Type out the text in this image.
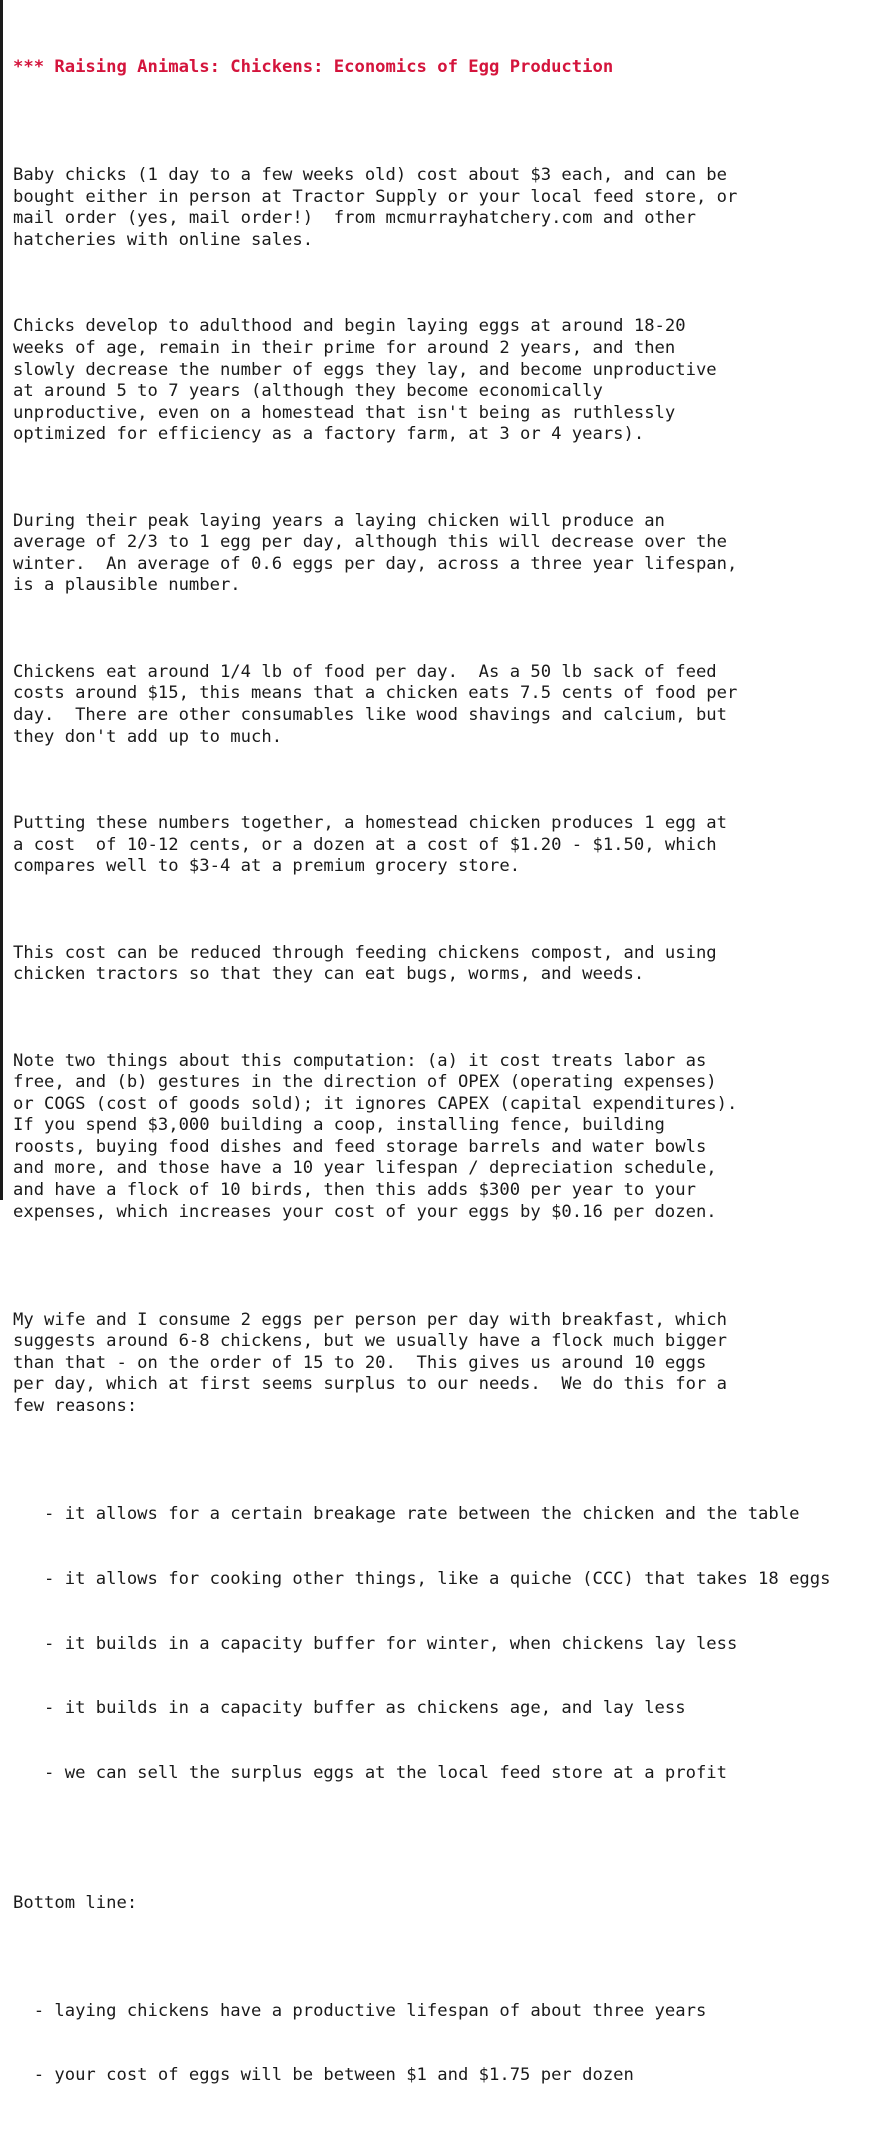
*** Raising Animals: Chickens: Economics of Egg Production

Baby chicks (1 day to a few weeks old) cost about $3 each, and can be
bought either in person at Tractor Supply or your local feed store, or
mail order (yes, mail order!)  from mcmurrayhatchery.com and other
hatcheries with online sales.

Chicks develop to adulthood and begin laying eggs at around 18-20
weeks of age, remain in their prime for around 2 years, and then
slowly decrease the number of eggs they lay, and become unproductive
at around 5 to 7 years (although they become economically
unproductive, even on a homestead that isn't being as ruthlessly
optimized for efficiency as a factory farm, at 3 or 4 years).

During their peak laying years a laying chicken will produce an
average of 2/3 to 1 egg per day, although this will decrease over the
winter.  An average of 0.6 eggs per day, across a three year lifespan,
is a plausible number.

Chickens eat around 1/4 lb of food per day.  As a 50 lb sack of feed
costs around $15, this means that a chicken eats 7.5 cents of food per
day.  There are other consumables like wood shavings and calcium, but
they don't add up to much.

Putting these numbers together, a homestead chicken produces 1 egg at
a cost  of 10-12 cents, or a dozen at a cost of $1.20 - $1.50, which
compares well to $3-4 at a premium grocery store.

This cost can be reduced through feeding chickens compost, and using
chicken tractors so that they can eat bugs, worms, and weeds.

Note two things about this computation: (a) it cost treats labor as
free, and (b) gestures in the direction of OPEX (operating expenses)
or COGS (cost of goods sold); it ignores CAPEX (capital expenditures).
If you spend $3,000 building a coop, installing fence, building
roosts, buying food dishes and feed storage barrels and water bowls
and more, and those have a 10 year lifespan / depreciation schedule,
and have a flock of 10 birds, then this adds $300 per year to your
expenses, which increases your cost of your eggs by $0.16 per dozen.

My wife and I consume 2 eggs per person per day with breakfast, which
suggests around 6-8 chickens, but we usually have a flock much bigger
than that - on the order of 15 to 20.  This gives us around 10 eggs
per day, which at first seems surplus to our needs.  We do this for a
few reasons:

- it allows for a certain breakage rate between the chicken and the table

- it allows for cooking other things, like a quiche (CCC) that takes 18 eggs

- it builds in a capacity buffer for winter, when chickens lay less

- it builds in a capacity buffer as chickens age, and lay less

- we can sell the surplus eggs at the local feed store at a profit

Bottom line:

- laying chickens have a productive lifespan of about three years

- your cost of eggs will be between $1 and $1.75 per dozen
